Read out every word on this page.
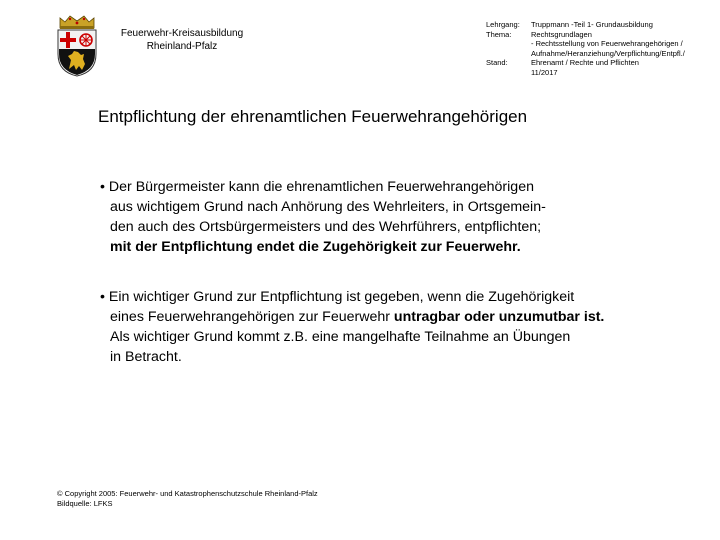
Feuerwehr-Kreisausbildung
Rheinland-Pfalz
Lehrgang:	Truppmann -Teil 1- Grundausbildung
Thema:	Rechtsgrundlagen
- Rechtsstellung von Feuerwehrangehörigen /
Aufnahme/Heranziehung/Verpflichtung/Entpfl./
Stand:	Ehrenamt / Rechte und Pflichten
11/2017
Entpflichtung der ehrenamtlichen Feuerwehrangehörigen
• Der Bürgermeister kann die ehrenamtlichen Feuerwehrangehörigen
aus wichtigem Grund nach Anhörung des Wehrleiters, in Ortsgemein-
den auch des Ortsbürgermeisters und des Wehrführers, entpflichten;
mit der Entpflichtung endet die Zugehörigkeit zur Feuerwehr.
• Ein wichtiger Grund zur Entpflichtung ist gegeben, wenn die Zugehörigkeit
eines Feuerwehrangehörigen zur Feuerwehr untragbar oder unzumutbar ist.
Als wichtiger Grund kommt z.B. eine mangelhafte Teilnahme an Übungen
in Betracht.
© Copyright 2005: Feuerwehr- und Katastrophenschutzschule Rheinland-Pfalz
Bildquelle: LFKS
